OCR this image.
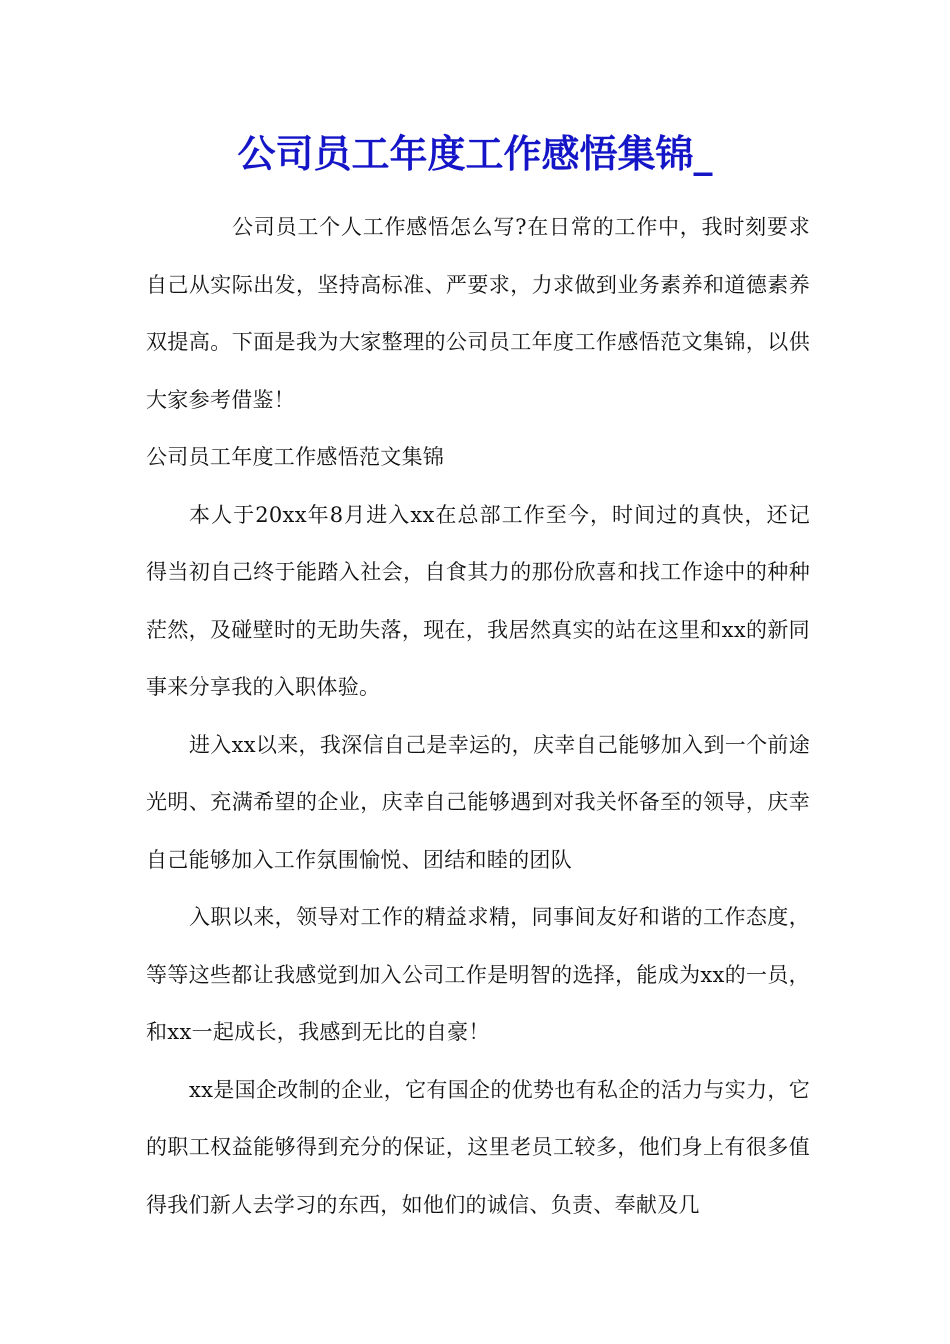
公司员工年度工作感悟集锦_

公司员工个人工作感悟怎么写?在日常的工作中，我时刻要求自己从实际出发，坚持高标准、严要求，力求做到业务素养和道德素养双提高。下面是我为大家整理的公司员工年度工作感悟范文集锦，以供大家参考借鉴！

公司员工年度工作感悟范文集锦

本人于20xx年8月进入xx在总部工作至今，时间过的真快，还记得当初自己终于能踏入社会，自食其力的那份欣喜和找工作途中的种种茫然，及碰壁时的无助失落，现在，我居然真实的站在这里和xx的新同事来分享我的入职体验。

进入xx以来，我深信自己是幸运的，庆幸自己能够加入到一个前途光明、充满希望的企业，庆幸自己能够遇到对我关怀备至的领导，庆幸自己能够加入工作氛围愉悦、团结和睦的团队

入职以来，领导对工作的精益求精，同事间友好和谐的工作态度，等等这些都让我感觉到加入公司工作是明智的选择，能成为xx的一员，和xx一起成长，我感到无比的自豪！

xx是国企改制的企业，它有国企的优势也有私企的活力与实力，它的职工权益能够得到充分的保证，这里老员工较多，他们身上有很多值得我们新人去学习的东西，如他们的诚信、负责、奉献及几
